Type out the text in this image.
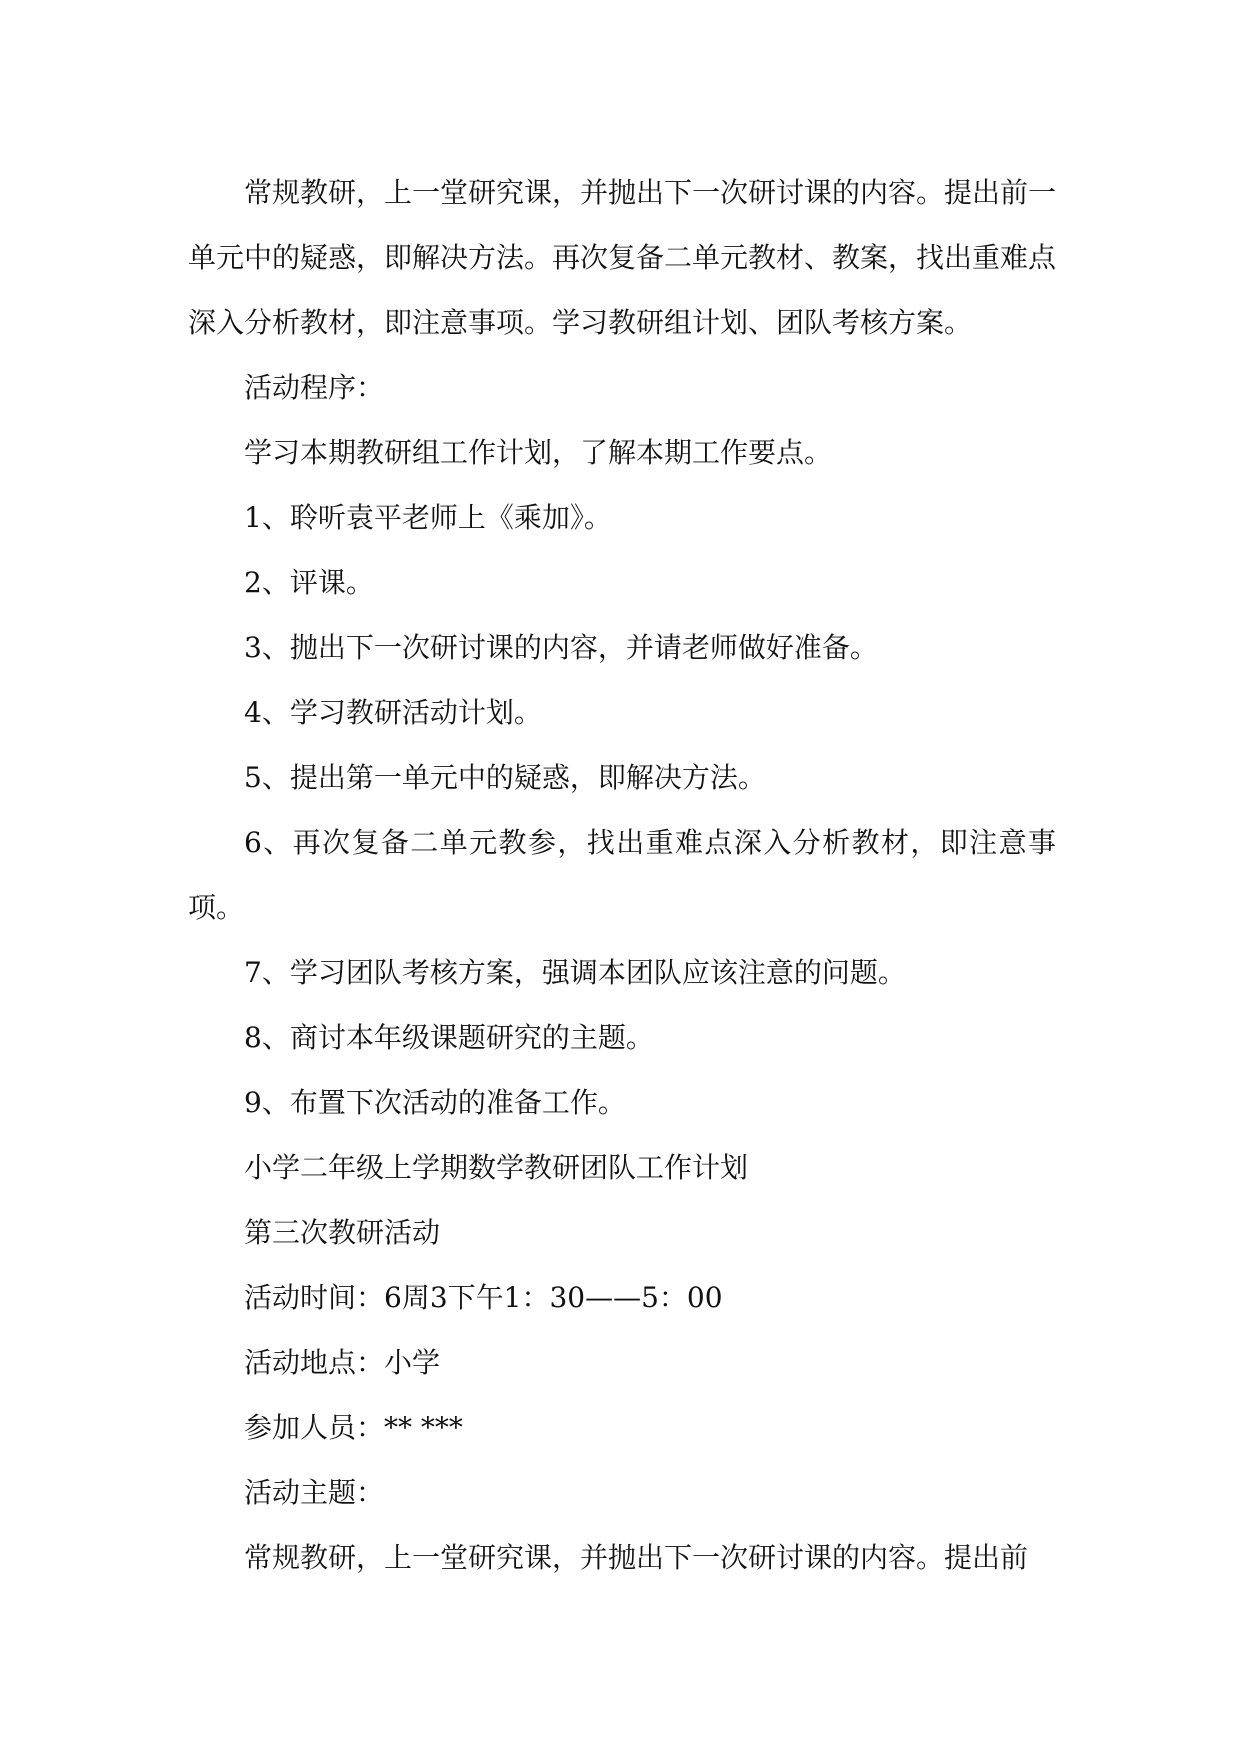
常规教研，上一堂研究课，并抛出下一次研讨课的内容。提出前一单元中的疑惑，即解决方法。再次复备二单元教材、教案，找出重难点深入分析教材，即注意事项。学习教研组计划、团队考核方案。

活动程序：

学习本期教研组工作计划，了解本期工作要点。

1、聆听袁平老师上《乘加》。

2、评课。

3、抛出下一次研讨课的内容，并请老师做好准备。

4、学习教研活动计划。

5、提出第一单元中的疑惑，即解决方法。

6、再次复备二单元教参，找出重难点深入分析教材，即注意事项。

7、学习团队考核方案，强调本团队应该注意的问题。

8、商讨本年级课题研究的主题。

9、布置下次活动的准备工作。

小学二年级上学期数学教研团队工作计划

第三次教研活动

活动时间：6周3下午1：30——5：00

活动地点：小学

参加人员：** ***

活动主题：

常规教研，上一堂研究课，并抛出下一次研讨课的内容。提出前
